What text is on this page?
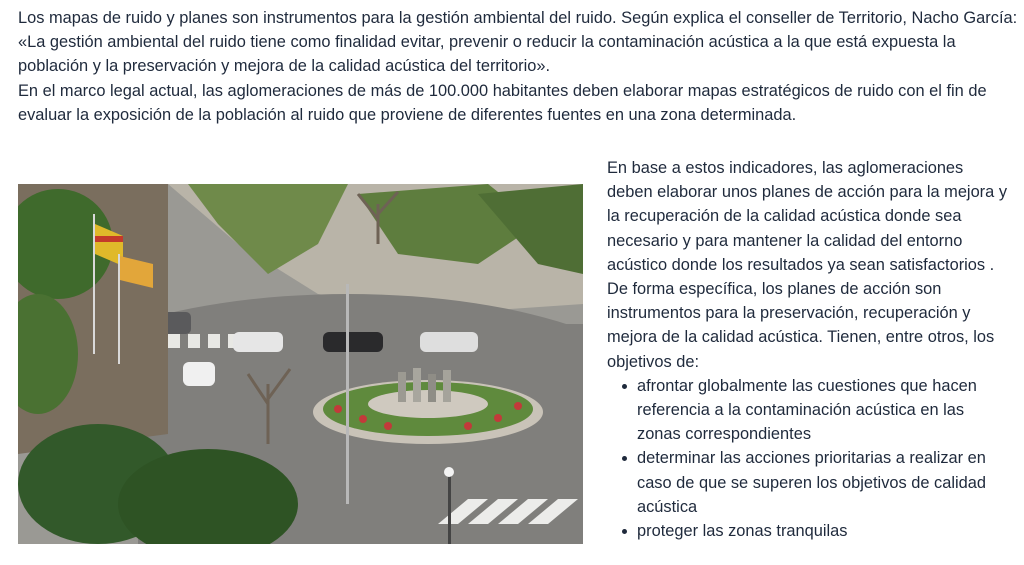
Los mapas de ruido y planes son instrumentos para la gestión ambiental del ruido. Según explica el conseller de Territorio, Nacho García:

«La gestión ambiental del ruido tiene como finalidad evitar, prevenir o reducir la contaminación acústica a la que está expuesta la población y la preservación y mejora de la calidad acústica del territorio».

En el marco legal actual, las aglomeraciones de más de 100.000 habitantes deben elaborar mapas estratégicos de ruido con el fin de evaluar la exposición de la población al ruido que proviene de diferentes fuentes en una zona determinada.

En base a estos indicadores, las aglomeraciones deben elaborar unos planes de acción para la mejora y la recuperación de la calidad acústica donde sea necesario y para mantener la calidad del entorno acústico donde los resultados ya sean satisfactorios .

De forma específica, los planes de acción son instrumentos para la preservación, recuperación y mejora de la calidad acústica. Tienen, entre otros, los objetivos de:

afrontar globalmente las cuestiones que hacen referencia a la contaminación acústica en las zonas correspondientes
determinar las acciones prioritarias a realizar en caso de que se superen los objetivos de calidad acústica
proteger las zonas tranquilas
